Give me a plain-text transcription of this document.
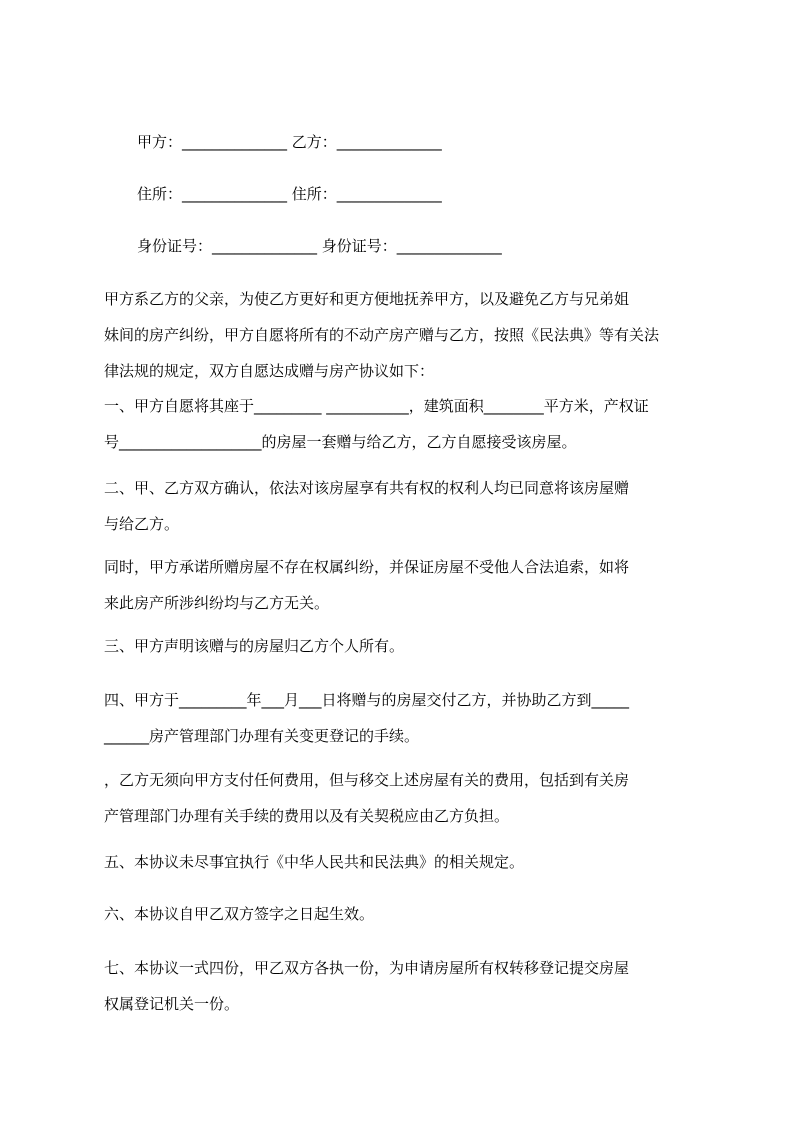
甲方：______________ 乙方：______________
住所：______________ 住所：______________
身份证号：______________ 身份证号：______________
甲方系乙方的父亲，为使乙方更好和更方便地抚养甲方，以及避免乙方与兄弟姐
妹间的房产纠纷，甲方自愿将所有的不动产房产赠与乙方，按照《民法典》等有关法
律法规的规定，双方自愿达成赠与房产协议如下：
一、甲方自愿将其座于_________ ___________，建筑面积________平方米，产权证
号___________________的房屋一套赠与给乙方，乙方自愿接受该房屋。
二、甲、乙方双方确认，依法对该房屋享有共有权的权利人均已同意将该房屋赠
与给乙方。
同时，甲方承诺所赠房屋不存在权属纠纷，并保证房屋不受他人合法追索，如将
来此房产所涉纠纷均与乙方无关。
三、甲方声明该赠与的房屋归乙方个人所有。
四、甲方于_________年___月___日将赠与的房屋交付乙方，并协助乙方到_____
______房产管理部门办理有关变更登记的手续。
，乙方无须向甲方支付任何费用，但与移交上述房屋有关的费用，包括到有关房
产管理部门办理有关手续的费用以及有关契税应由乙方负担。
五、本协议未尽事宜执行《中华人民共和民法典》的相关规定。
六、本协议自甲乙双方签字之日起生效。
七、本协议一式四份，甲乙双方各执一份，为申请房屋所有权转移登记提交房屋
权属登记机关一份。
